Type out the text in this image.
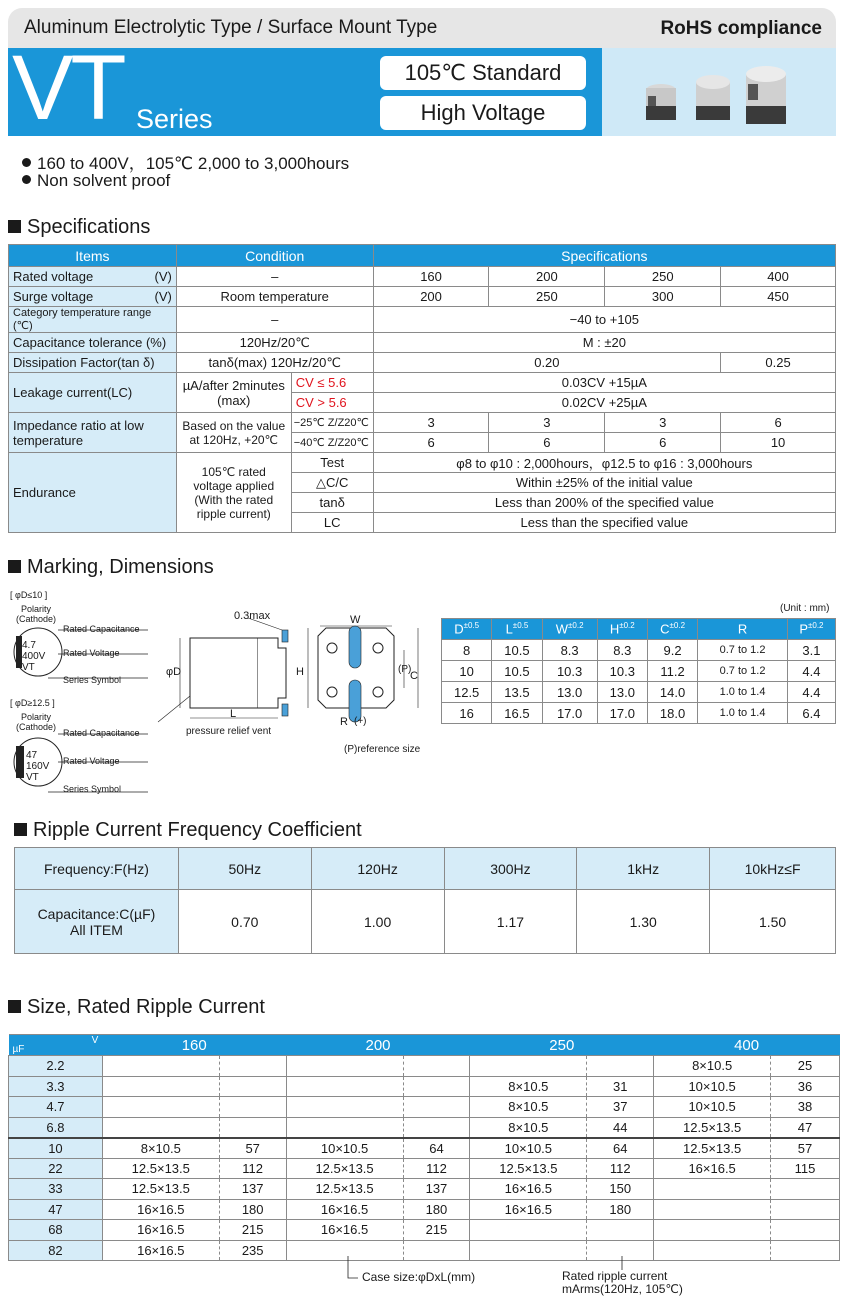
Aluminum Electrolytic Type / Surface Mount Type	RoHS compliance
VT Series
105℃ Standard
High Voltage
160 to 400V，105℃ 2,000 to 3,000hours
Non solvent proof
Specifications
Items	Condition		Specifications			
Rated voltage (V)	–		160	200	250	400
Surge voltage (V)	Room temperature		200	250	300	450
Category temperature range (℃)	–		−40 to +105			
Capacitance tolerance (%)	120Hz/20℃		M : ±20			
Dissipation Factor(tan δ)	tanδ(max) 120Hz/20℃		0.20			0.25
Leakage current(LC)	µA/after 2minutes (max)	CV ≤ 5.6	0.03CV +15µA			
		CV > 5.6	0.02CV +25µA			
Impedance ratio at low temperature	Based on the value at 120Hz, +20℃	−25℃ Z/Z20℃	3	3	3	6
		−40℃ Z/Z20℃	6	6	6	10
Endurance	105℃ rated voltage applied (With the rated ripple current)	Test	φ8 to φ10 : 2,000hours，φ12.5 to φ16 : 3,000hours			
		△C/C	Within ±25% of the initial value			
		tanδ	Less than 200% of the specified value			
		LC	Less than the specified value			
Marking, Dimensions
[ φD≤10 ]
Polarity (Cathode)
4.7
400V
VT
Rated Capacitance
Rated Voltage
Series Symbol
[ φD≥12.5 ]
Polarity (Cathode)
47
160V
VT
Rated Capacitance
Rated Voltage
Series Symbol
0.3max
φD
L
pressure relief vent
W
H	(P)
C
R (+)
(P)reference size
(Unit : mm)
$D^{\pm 0.5}$	$L^{\pm 0.5}$	$W^{\pm 0.2}$	$H^{\pm 0.2}$	$C^{\pm 0.2}$	R	$P^{\pm 0.2}$
8	10.5	8.3	8.3	9.2	0.7 to 1.2	3.1
10	10.5	10.3	10.3	11.2	0.7 to 1.2	4.4
12.5	13.5	13.0	13.0	14.0	1.0 to 1.4	4.4
16	16.5	17.0	17.0	18.0	1.0 to 1.4	6.4
Ripple Current Frequency Coefficient
Frequency:F(Hz)	50Hz	120Hz	300Hz	1kHz	10kHz≤F

Capacitance:C(µF)
All ITEM	0.70	1.00	1.17	1.30	1.50
Size, Rated Ripple Current
V
µF	160		200		250		400	
2.2							8×10.5	25
3.3					8×10.5	31	10×10.5	36
4.7					8×10.5	37	10×10.5	38
6.8					8×10.5	44	12.5×13.5	47
10	8×10.5	57	10×10.5	64	10×10.5	64	12.5×13.5	57
22	12.5×13.5	112	12.5×13.5	112	12.5×13.5	112	16×16.5	115
33	12.5×13.5	137	12.5×13.5	137	16×16.5	150		
47	16×16.5	180	16×16.5	180	16×16.5	180		
68	16×16.5	215	16×16.5	215				
82	16×16.5	235						
Case size:φDxL(mm)	Rated ripple current
mArms(120Hz, 105℃)
